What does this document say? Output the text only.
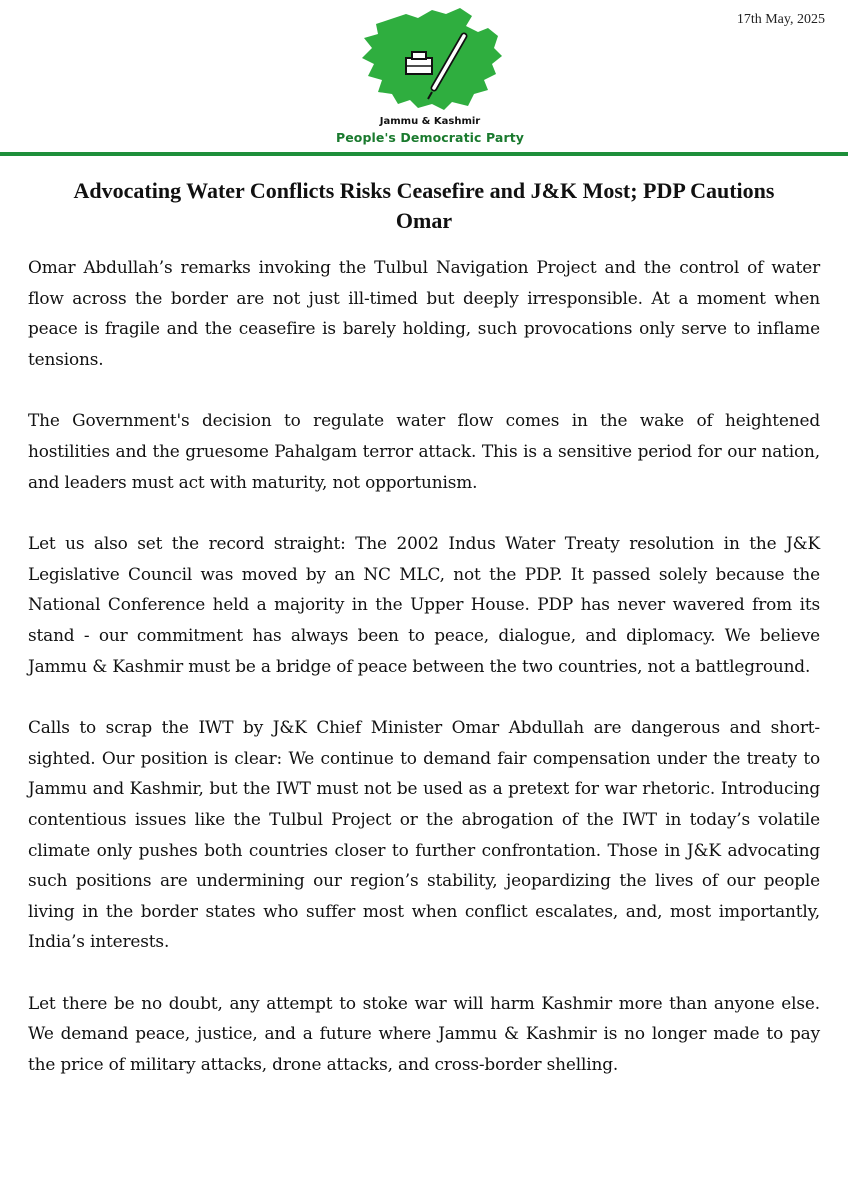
17th May, 2025
Jammu & Kashmir
People's Democratic Party
Advocating Water Conflicts Risks Ceasefire and J&K Most; PDP Cautions Omar

Omar Abdullah’s remarks invoking the Tulbul Navigation Project and the control of water flow across the border are not just ill-timed but deeply irresponsible. At a moment when peace is fragile and the ceasefire is barely holding, such provocations only serve to inflame tensions.

The Government's decision to regulate water flow comes in the wake of heightened hostilities and the gruesome Pahalgam terror attack. This is a sensitive period for our nation, and leaders must act with maturity, not opportunism.

Let us also set the record straight: The 2002 Indus Water Treaty resolution in the J&K Legislative Council was moved by an NC MLC, not the PDP. It passed solely because the National Conference held a majority in the Upper House. PDP has never wavered from its stand - our commitment has always been to peace, dialogue, and diplomacy. We believe Jammu & Kashmir must be a bridge of peace between the two countries, not a battleground.

Calls to scrap the IWT by J&K Chief Minister Omar Abdullah are dangerous and short-sighted. Our position is clear: We continue to demand fair compensation under the treaty to Jammu and Kashmir, but the IWT must not be used as a pretext for war rhetoric. Introducing contentious issues like the Tulbul Project or the abrogation of the IWT in today’s volatile climate only pushes both countries closer to further confrontation. Those in J&K advocating such positions are undermining our region’s stability, jeopardizing the lives of our people living in the border states who suffer most when conflict escalates, and, most importantly, India’s interests.

Let there be no doubt, any attempt to stoke war will harm Kashmir more than anyone else. We demand peace, justice, and a future where Jammu & Kashmir is no longer made to pay the price of military attacks, drone attacks, and cross-border shelling.
